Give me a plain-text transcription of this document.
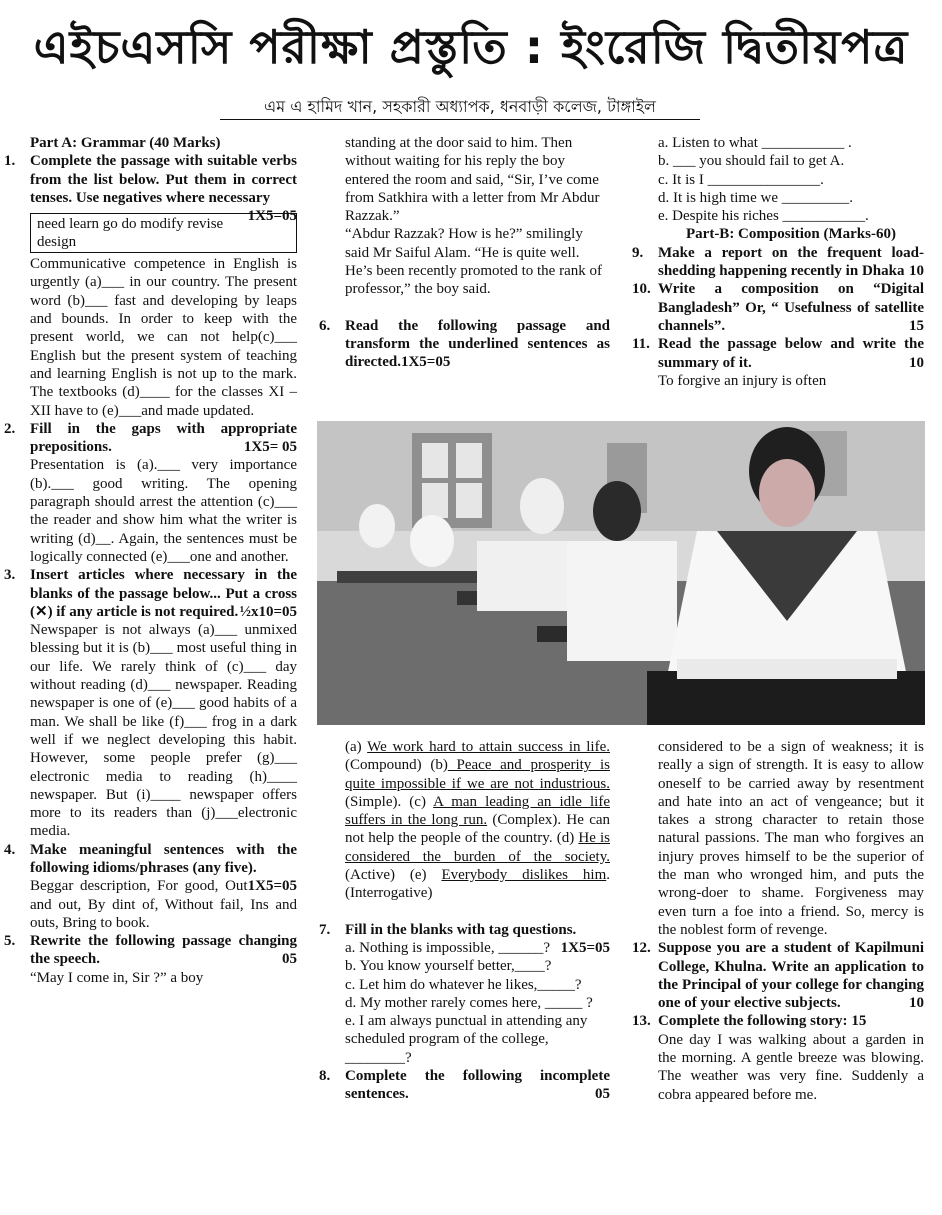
এইচএসসি পরীক্ষা প্রস্তুতি : ইংরেজি দ্বিতীয়পত্র
এম এ হামিদ খান, সহকারী অধ্যাপক, ধনবাড়ী কলেজ, টাঙ্গাইল
Part A: Grammar (40 Marks)
1. Complete the passage with suitable verbs from the list below. Put them in correct tenses. Use negatives where necessary
1X5=05
need learn go do modify revise design

Communicative competence in English is urgently (a)___ in our country. The present word (b)___ fast and developing by leaps and bounds. In order to keep with the present world, we can not help(c)___ English but the present system of teaching and learning English is not up to the mark. The textbooks (d)____ for the classes XI – XII have to (e)___and made updated.

2. Fill in the gaps with appropriate prepositions.	1X5= 05

Presentation is (a).___ very importance (b).___ good writing. The opening paragraph should arrest the attention (c)___ the reader and show him what the writer is writing (d)__. Again, the sentences must be logically connected (e)___one and another.

3. Insert articles where necessary in the blanks of the passage below... Put a cross (✕) if any article is not required. ½x10=05

Newspaper is not always (a)___ unmixed blessing but it is (b)___ most useful thing in our life. We rarely think of (c)___ day without reading (d)___ newspaper. Reading newspaper is one of (e)___ good habits of a man. We shall be like (f)___ frog in a dark well if we neglect developing this habit. However, some people prefer (g)___ electronic media to reading (h)____ newspaper. But (i)____ newspaper offers more to its readers than (j)___electronic media.

4. Make meaningful sentences with the following idioms/phrases (any five).
1X5=05

Beggar description, For good, Out and out, By dint of, Without fail, Ins and outs, Bring to book.

5. Rewrite the following passage changing the speech.	05

“May I come in, Sir ?” a boy

standing at the door said to him. Then without waiting for his reply the boy entered the room and said, “Sir, I’ve come from Satkhira with a letter from Mr Abdur Razzak.”

“Abdur Razzak? How is he?” smilingly said Mr Saiful Alam. “He is quite well. He’s been recently promoted to the rank of professor,” the boy said.

6. Read the following passage and transform the underlined sentences as directed.1X5=05
a. Listen to what ___________ .
b. ___ you should fail to get A.
c. It is I _______________.
d. It is high time we _________.
e. Despite his riches ___________.
Part-B: Composition (Marks-60)
9. Make a report on the frequent load-shedding happening recently in Dhaka 10
10. Write a composition on “Digital Bangladesh” Or, “ Usefulness of satellite channels”.	15
11. Read the passage below and write the summary of it.	10

To forgive an injury is often

(a) We work hard to attain success in life. (Compound) (b) Peace and prosperity is quite impossible if we are not industrious. (Simple). (c) A man leading an idle life suffers in the long run. (Complex). He can not help the people of the country. (d) He is considered the burden of the society. (Active) (e) Everybody dislikes him. (Interrogative)

7. Fill in the blanks with tag questions.
1X5=05
a. Nothing is impossible, ______?
b. You know yourself better,____?
c. Let him do whatever he likes,_____?
d. My mother rarely comes here, _____ ?
e. I am always punctual in attending any scheduled program of the college, ________?
8. Complete the following incomplete sentences.	05

considered to be a sign of weakness; it is really a sign of strength. It is easy to allow oneself to be carried away by resentment and hate into an act of vengeance; but it takes a strong character to retain those natural passions. The man who forgives an injury proves himself to be the superior of the man who wronged him, and puts the wrong-doer to shame. Forgiveness may even turn a foe into a friend. So, mercy is the noblest form of revenge.

12. Suppose you are a student of Kapilmuni College, Khulna. Write an application to the Principal of your college for changing one of your elective subjects.	10
13. Complete the following story: 15

One day I was walking about a garden in the morning. A gentle breeze was blowing. The weather was very fine. Suddenly a cobra appeared before me.
